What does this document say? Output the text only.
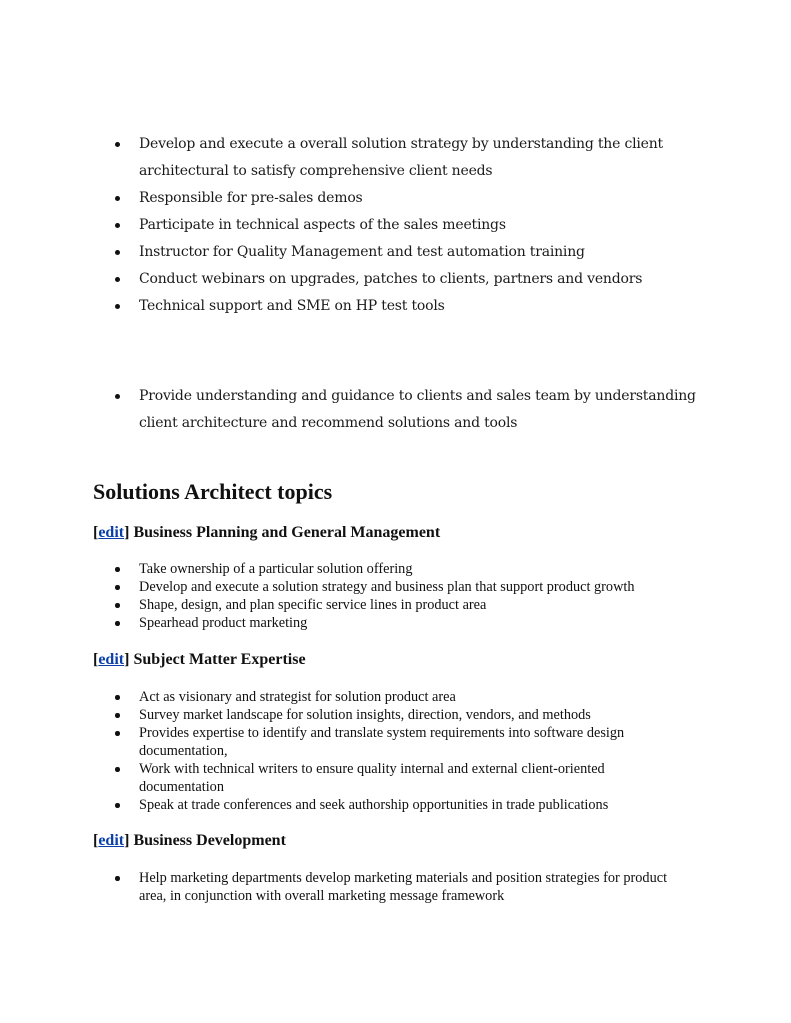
Develop and execute a overall solution strategy by understanding the client architectural to satisfy comprehensive client needs
Responsible for pre-sales demos
Participate in technical aspects of the sales meetings
Instructor for Quality Management and test automation training
Conduct webinars on upgrades, patches to clients, partners and vendors
Technical support and SME on HP test tools
Provide understanding and guidance to clients and sales team by understanding client architecture and recommend solutions and tools
Solutions Architect topics
[edit] Business Planning and General Management
Take ownership of a particular solution offering
Develop and execute a solution strategy and business plan that support product growth
Shape, design, and plan specific service lines in product area
Spearhead product marketing
[edit] Subject Matter Expertise
Act as visionary and strategist for solution product area
Survey market landscape for solution insights, direction, vendors, and methods
Provides expertise to identify and translate system requirements into software design documentation,
Work with technical writers to ensure quality internal and external client-oriented documentation
Speak at trade conferences and seek authorship opportunities in trade publications
[edit] Business Development
Help marketing departments develop marketing materials and position strategies for product area, in conjunction with overall marketing message framework
